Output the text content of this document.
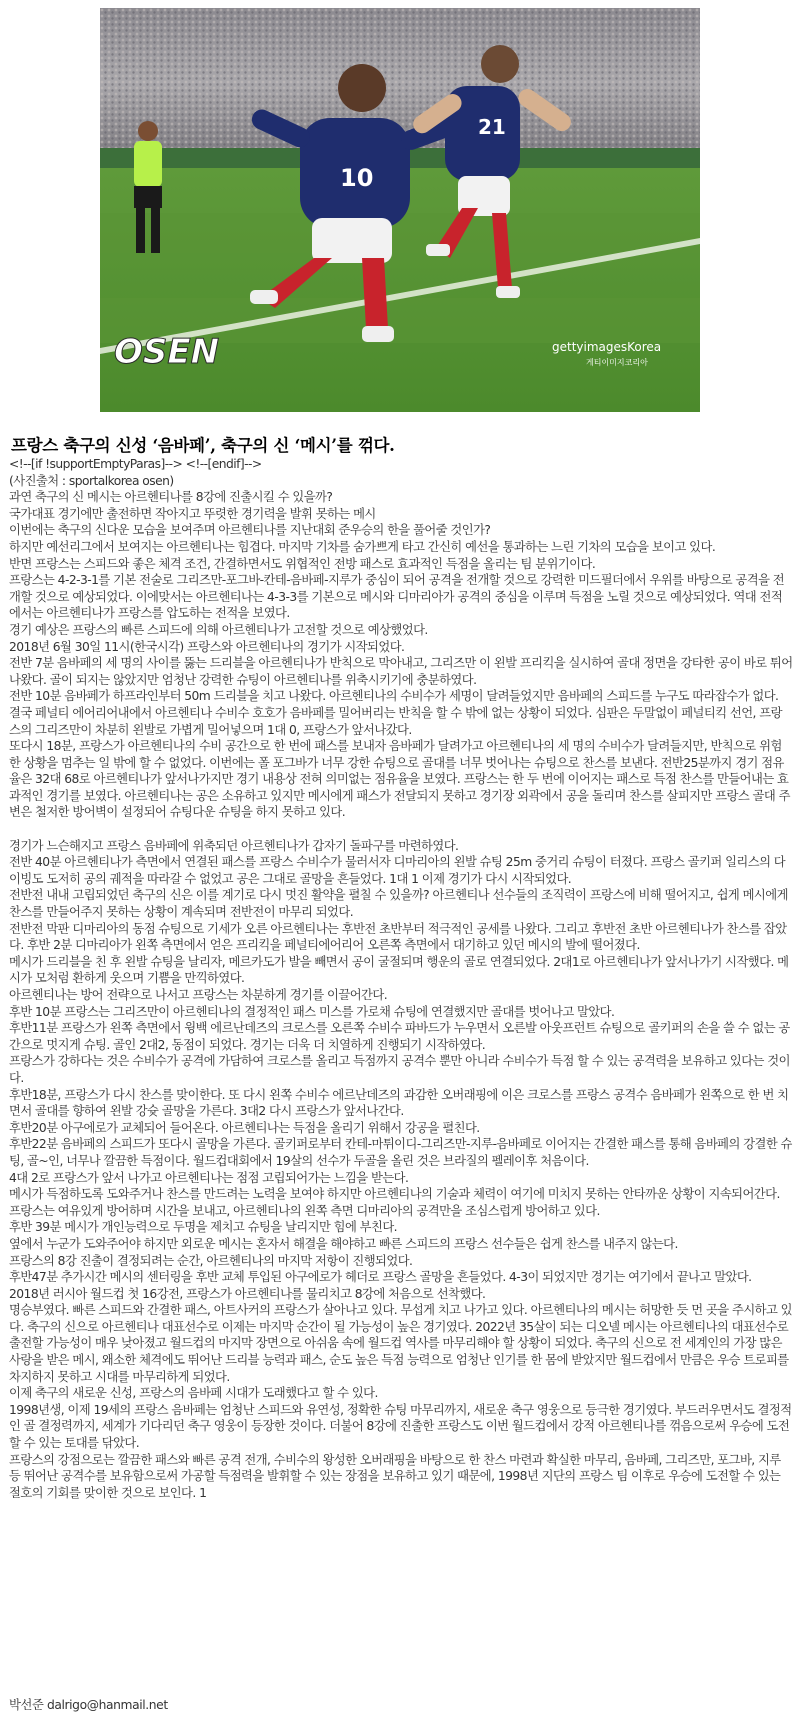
10
21
OSEN	gettyimagesKorea
게티이미지코리아
프랑스 축구의 신성 ‘음바페’, 축구의 신 ‘메시’를 꺾다.

<!--[if !supportEmptyParas]--> <!--[endif]-->

(사진출처 : sportalkorea osen)

과연 축구의 신 메시는 아르헨티나를 8강에 진출시킬 수 있을까?

국가대표 경기에만 출전하면 작아지고 뚜렷한 경기력을 발휘 못하는 메시

이번에는 축구의 신다운 모습을 보여주며 아르헨티나를 지난대회 준우승의 한을 풀어줄 것인가?

하지만 예선리그에서 보여지는 아르헨티나는 힘겹다. 마지막 기차를 숨가쁘게 타고 간신히 예선을 통과하는 느린 기차의 모습을 보이고 있다.

반면 프랑스는 스피드와 좋은 체격 조건, 간결하면서도 위협적인 전방 패스로 효과적인 득점을 올리는 팀 분위기이다.

프랑스는 4-2-3-1를 기본 전술로 그리즈만-포그바-칸테-음바페-지루가 중심이 되어 공격을 전개할 것으로 강력한 미드필더에서 우위를 바탕으로 공격을 전개할 것으로 예상되었다. 이에맞서는 아르헨티나는 4-3-3를 기본으로 메시와 디마리아가 공격의 중심을 이루며 득점을 노릴 것으로 예상되었다. 역대 전적에서는 아르헨티나가 프랑스를 압도하는 전적을 보였다.

경기 예상은 프랑스의 빠른 스피드에 의해 아르헨티나가 고전할 것으로 예상했었다.

2018년 6월 30일 11시(한국시각) 프랑스와 아르헨티나의 경기가 시작되었다.

전반 7분 음바페의 세 명의 사이를 뚫는 드리블을 아르헨티나가 반칙으로 막아내고, 그리즈만 이 왼발 프리킥을 실시하여 골대 정면을 강타한 공이 바로 튀어 나왔다. 골이 되지는 않았지만 엄청난 강력한 슈팅이 아르헨티나를 위축시키기에 충분하였다.

전반 10분 음바페가 하프라인부터 50m 드리블을 치고 나왔다. 아르헨티나의 수비수가 세명이 달려들었지만 음바페의 스피드를 누구도 따라잡수가 없다. 결국 페널티 에어리어내에서 아르헨티나 수비수 호호가 음바페를 밀어버리는 반칙을 할 수 밖에 없는 상황이 되었다. 심판은 두말없이 페널티킥 선언, 프랑스의 그리즈만이 차분히 왼발로 가볍게 밀어넣으며 1대 0, 프랑스가 앞서나갔다.

또다시 18분, 프랑스가 아르헨티나의 수비 공간으로 한 번에 패스를 보내자 음바페가 달려가고 아르헨티나의 세 명의 수비수가 달려들지만, 반칙으로 위험한 상황을 멈추는 일 밖에 할 수 없었다. 이번에는 폴 포그바가 너무 강한 슈팅으로 골대를 너무 벗어나는 슈팅으로 찬스를 보낸다. 전반25분까지 경기 점유율은 32대 68로 아르헨티나가 앞서나가지만 경기 내용상 전혀 의미없는 점유율을 보였다. 프랑스는 한 두 번에 이어지는 패스로 득점 찬스를 만들어내는 효과적인 경기를 보였다. 아르헨티나는 공은 소유하고 있지만 메시에게 패스가 전달되지 못하고 경기장 외곽에서 공을 돌리며 찬스를 살피지만 프랑스 골대 주변은 철저한 방어벽이 설정되어 슈팅다운 슈팅을 하지 못하고 있다.

경기가 느슨해지고 프랑스 음바페에 위축되던 아르헨티나가 갑자기 돌파구를 마련하였다.

전반 40분 아르헨티나가 측면에서 연결된 패스를 프랑스 수비수가 물러서자 디마리아의 왼발 슈팅 25m 중거리 슈팅이 터졌다. 프랑스 골키퍼 일리스의 다이빙도 도저히 공의 궤적을 따라갈 수 없었고 공은 그대로 골망을 흔들었다. 1대 1 이제 경기가 다시 시작되었다.

전반전 내내 고립되었던 축구의 신은 이를 계기로 다시 멋진 활약을 펼칠 수 있을까? 아르헨티나 선수들의 조직력이 프랑스에 비해 떨어지고, 쉽게 메시에게 찬스를 만들어주지 못하는 상황이 계속되며 전반전이 마무리 되었다.

전반전 막판 디마리아의 동점 슈팅으로 기세가 오른 아르헨티나는 후반전 초반부터 적극적인 공세를 나왔다. 그리고 후반전 초반 아르헨티나가 찬스를 잡았다. 후반 2분 디마리아가 왼쪽 측면에서 얻은 프리킥을 페널티에어리어 오른쪽 측면에서 대기하고 있던 메시의 발에 떨어졌다.

메시가 드리블을 친 후 왼발 슈팅을 날리자, 메르카도가 발을 빼면서 공이 굴절되며 행운의 골로 연결되었다. 2대1로 아르헨티나가 앞서나가기 시작했다. 메시가 모처럼 환하게 웃으며 기쁨을 만끽하였다.

아르헨티나는 방어 전략으로 나서고 프랑스는 차분하게 경기를 이끌어간다.

후반 10분 프랑스는 그리즈만이 아르헨티나의 결정적인 패스 미스를 가로채 슈팅에 연결했지만 골대를 벗어나고 말았다.

후반11분 프랑스가 왼쪽 측면에서 윙백 에르난데즈의 크로스를 오른쪽 수비수 파바드가 누우면서 오른발 아웃프런트 슈팅으로 골키퍼의 손을 쓸 수 없는 공간으로 멋지게 슈팅. 골인 2대2, 동점이 되었다. 경기는 더욱 더 치열하게 진행되기 시작하였다.

프랑스가 강하다는 것은 수비수가 공격에 가담하여 크로스를 올리고 득점까지 공격수 뿐만 아니라 수비수가 득점 할 수 있는 공격력을 보유하고 있다는 것이다.

후반18분, 프랑스가 다시 찬스를 맞이한다. 또 다시 왼쪽 수비수 에르난데즈의 과감한 오버래핑에 이은 크로스를 프랑스 공격수 음바페가 왼쪽으로 한 번 치면서 골대를 향하여 왼발 강슛 골망을 가른다. 3대2 다시 프랑스가 앞서나간다.

후반20분 아구에로가 교체되어 들어온다. 아르헨티나는 득점을 올리기 위해서 강공을 펼친다.

후반22분 음바페의 스피드가 또다시 골망을 가른다. 골키퍼로부터 칸테-마튀이디-그리즈만-지루-음바페로 이어지는 간결한 패스를 통해 음바페의 강결한 슈팅, 골~인, 너무나 깔끔한 득점이다. 월드컵대회에서 19살의 선수가 두골을 올린 것은 브라질의 펠레이후 처음이다.

4대 2로 프랑스가 앞서 나가고 아르헨티나는 점점 고립되어가는 느낌을 받는다.

메시가 득점하도록 도와주거나 찬스를 만드려는 노력을 보여야 하지만 아르헨티나의 기술과 체력이 여기에 미치지 못하는 안타까운 상황이 지속되어간다.

프랑스는 여유있게 방어하며 시간을 보내고, 아르헨티나의 왼쪽 측면 디마리아의 공격만을 조심스럽게 방어하고 있다.

후반 39분 메시가 개인능력으로 두명을 제치고 슈팅을 날리지만 힘에 부친다.

옆에서 누군가 도와주어야 하지만 외로운 메시는 혼자서 해결을 해야하고 빠른 스피드의 프랑스 선수들은 쉽게 찬스를 내주지 않는다.

프랑스의 8강 진출이 결정되려는 순간, 아르헨티나의 마지막 저항이 진행되었다.

후반47분 추가시간 메시의 센터링을 후반 교체 투입된 아구에로가 헤더로 프랑스 골망을 흔들었다. 4-3이 되었지만 경기는 여기에서 끝나고 말았다.

2018년 러시아 월드컵 첫 16강전, 프랑스가 아르헨티나를 물리치고 8강에 처음으로 선착했다.

명승부였다. 빠른 스피드와 간결한 패스, 아트사커의 프랑스가 살아나고 있다. 무섭게 치고 나가고 있다. 아르헨티나의 메시는 허망한 듯 먼 곳을 주시하고 있다. 축구의 신으로 아르헨티나 대표선수로 이제는 마지막 순간이 될 가능성이 높은 경기였다. 2022년 35살이 되는 디오넬 메시는 아르헨티나의 대표선수로 출전할 가능성이 매우 낮아졌고 월드컵의 마지막 장면으로 아쉬움 속에 월드컵 역사를 마무리해야 할 상황이 되었다. 축구의 신으로 전 세계인의 가장 많은 사랑을 받은 메시, 왜소한 체격에도 뛰어난 드리블 능력과 패스, 순도 높은 득점 능력으로 엄청난 인기를 한 몸에 받았지만 월드컵에서 만큼은 우승 트로피를 차지하지 못하고 시대를 마무리하게 되었다.

이제 축구의 새로운 신성, 프랑스의 음바페 시대가 도래했다고 할 수 있다.

1998년생, 이제 19세의 프랑스 음바페는 엄청난 스피드와 유연성, 정확한 슈팅 마무리까지, 새로운 축구 영웅으로 등극한 경기였다. 부드러우면서도 결정적인 골 결정력까지, 세계가 기다리던 축구 영웅이 등장한 것이다. 더불어 8강에 진출한 프랑스도 이번 월드컵에서 강적 아르헨티나를 꺾음으로써 우승에 도전할 수 있는 토대를 닦았다.

프랑스의 강점으로는 깔끔한 패스와 빠른 공격 전개, 수비수의 왕성한 오버래핑을 바탕으로 한 찬스 마련과 확실한 마무리, 음바페, 그리즈만, 포그바, 지루 등 뛰어난 공격수를 보유함으로써 가공할 득점력을 발휘할 수 있는 장점을 보유하고 있기 때문에, 1998년 지단의 프랑스 팀 이후로 우승에 도전할 수 있는 절호의 기회를 맞이한 것으로 보인다. 1

박선준 dalrigo@hanmail.net
